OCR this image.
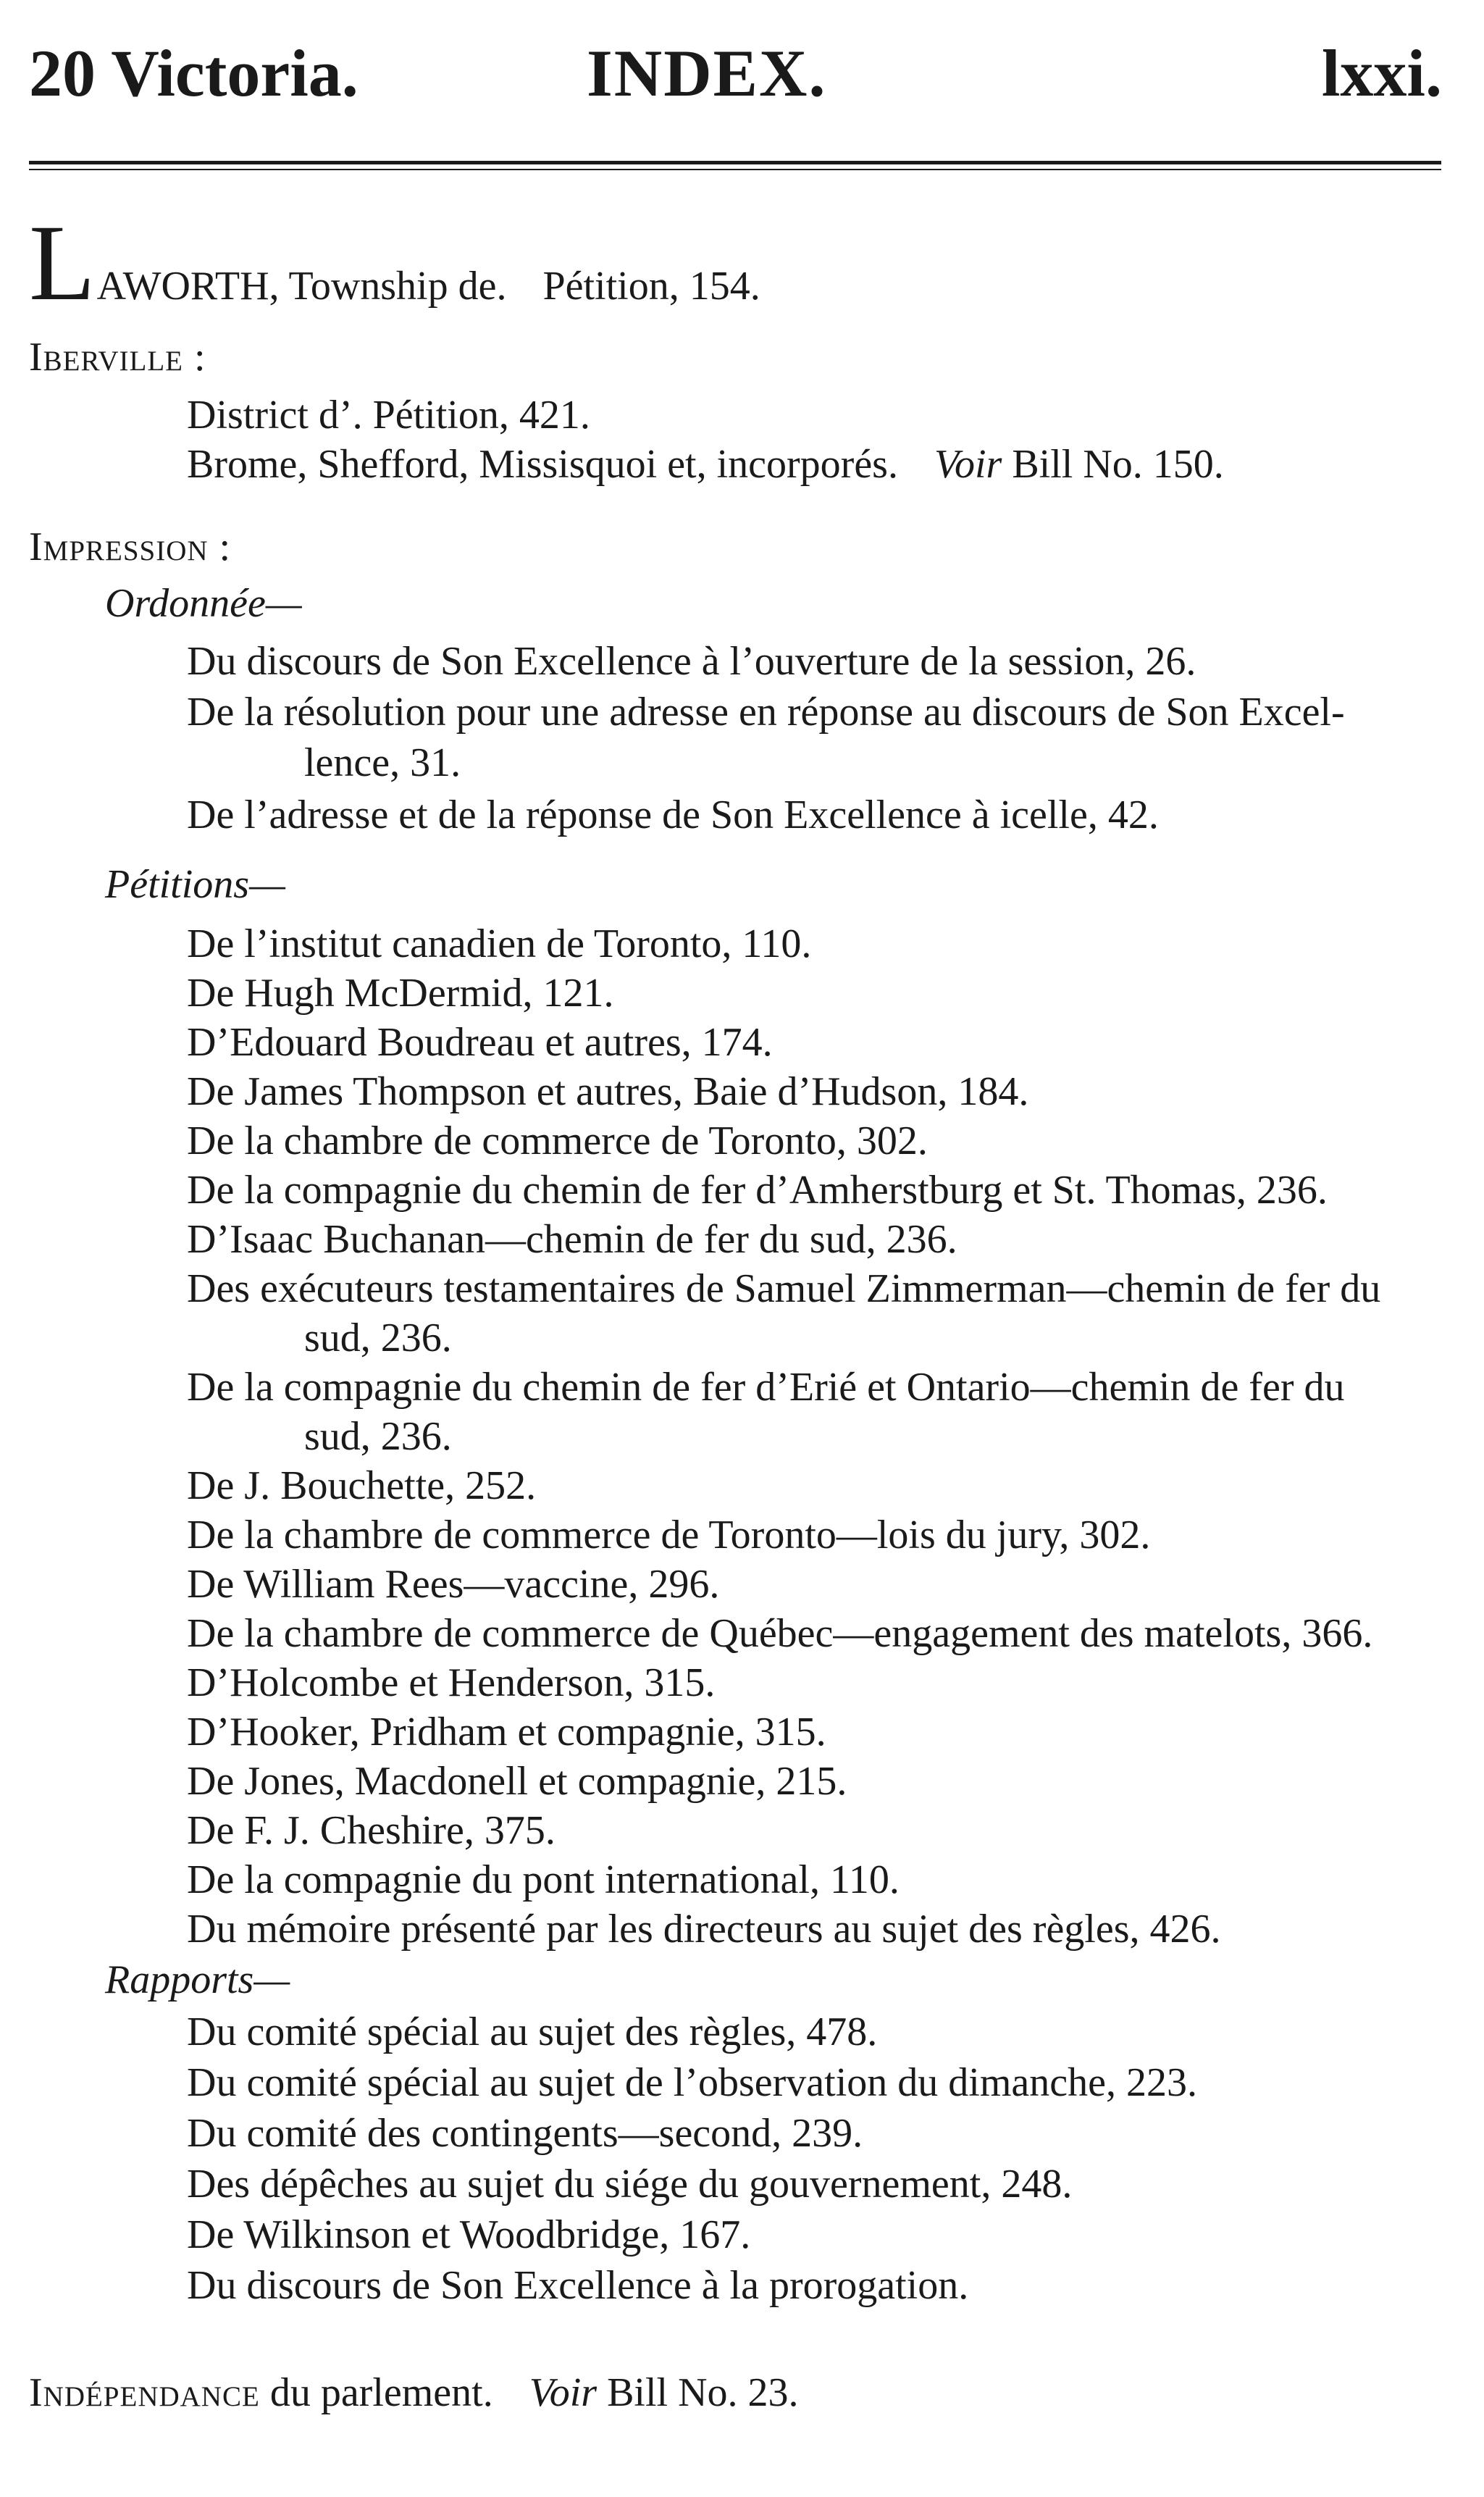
20 Victoria.	INDEX.	lxxi.
LAWORTH, Township de. Pétition, 154.
Iberville :
District d’. Pétition, 421.
Brome, Shefford, Missisquoi et, incorporés. Voir Bill No. 150.
Impression :
Ordonnée—
Du discours de Son Excellence à l’ouverture de la session, 26.
De la résolution pour une adresse en réponse au discours de Son Excel-
lence, 31.
De l’adresse et de la réponse de Son Excellence à icelle, 42.
Pétitions—
De l’institut canadien de Toronto, 110.
De Hugh McDermid, 121.
D’Edouard Boudreau et autres, 174.
De James Thompson et autres, Baie d’Hudson, 184.
De la chambre de commerce de Toronto, 302.
De la compagnie du chemin de fer d’Amherstburg et St. Thomas, 236.
D’Isaac Buchanan—chemin de fer du sud, 236.
Des exécuteurs testamentaires de Samuel Zimmerman—chemin de fer du
sud, 236.
De la compagnie du chemin de fer d’Erié et Ontario—chemin de fer du
sud, 236.
De J. Bouchette, 252.
De la chambre de commerce de Toronto—lois du jury, 302.
De William Rees—vaccine, 296.
De la chambre de commerce de Québec—engagement des matelots, 366.
D’Holcombe et Henderson, 315.
D’Hooker, Pridham et compagnie, 315.
De Jones, Macdonell et compagnie, 215.
De F. J. Cheshire, 375.
De la compagnie du pont international, 110.
Du mémoire présenté par les directeurs au sujet des règles, 426.
Rapports—
Du comité spécial au sujet des règles, 478.
Du comité spécial au sujet de l’observation du dimanche, 223.
Du comité des contingents—second, 239.
Des dépêches au sujet du siége du gouvernement, 248.
De Wilkinson et Woodbridge, 167.
Du discours de Son Excellence à la prorogation.
Indépendance du parlement. Voir Bill No. 23.
